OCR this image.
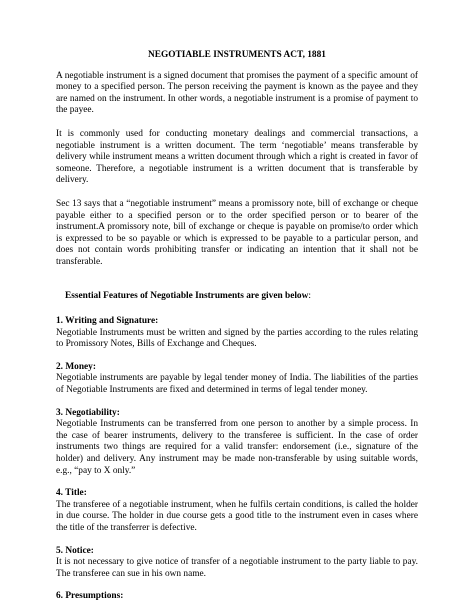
NEGOTIABLE INSTRUMENTS ACT, 1881

A negotiable instrument is a signed document that promises the payment of a specific amount of money to a specified person. The person receiving the payment is known as the payee and they are named on the instrument. In other words, a negotiable instrument is a promise of payment to the payee.

It is commonly used for conducting monetary dealings and commercial transactions, a negotiable instrument is a written document. The term ‘negotiable’ means transferable by delivery while instrument means a written document through which a right is created in favor of someone. Therefore, a negotiable instrument is a written document that is transferable by delivery.

Sec 13 says that a “negotiable instrument” means a promissory note, bill of exchange or cheque payable either to a specified person or to the order specified person or to bearer of the instrument.A promissory note, bill of exchange or cheque is payable on promise/to order which is expressed to be so payable or which is expressed to be payable to a particular person, and does not contain words prohibiting transfer or indicating an intention that it shall not be transferable.

Essential Features of Negotiable Instruments are given below:
1. Writing and Signature:
Negotiable Instruments must be written and signed by the parties according to the rules relating to Promissory Notes, Bills of Exchange and Cheques.
2. Money:
Negotiable instruments are payable by legal tender money of India. The liabilities of the parties of Negotiable Instruments are fixed and determined in terms of legal tender money.
3. Negotiability:
Negotiable Instruments can be transferred from one person to another by a simple process. In the case of bearer instruments, delivery to the transferee is sufficient. In the case of order instruments two things are required for a valid transfer: endorsement (i.e., signature of the holder) and delivery. Any instrument may be made non-transferable by using suitable words, e.g., “pay to X only.”
4. Title:
The transferee of a negotiable instrument, when he fulfils certain conditions, is called the holder in due course. The holder in due course gets a good title to the instrument even in cases where the title of the transferrer is defective.
5. Notice:
It is not necessary to give notice of transfer of a negotiable instrument to the party liable to pay. The transferee can sue in his own name.
6. Presumptions:
